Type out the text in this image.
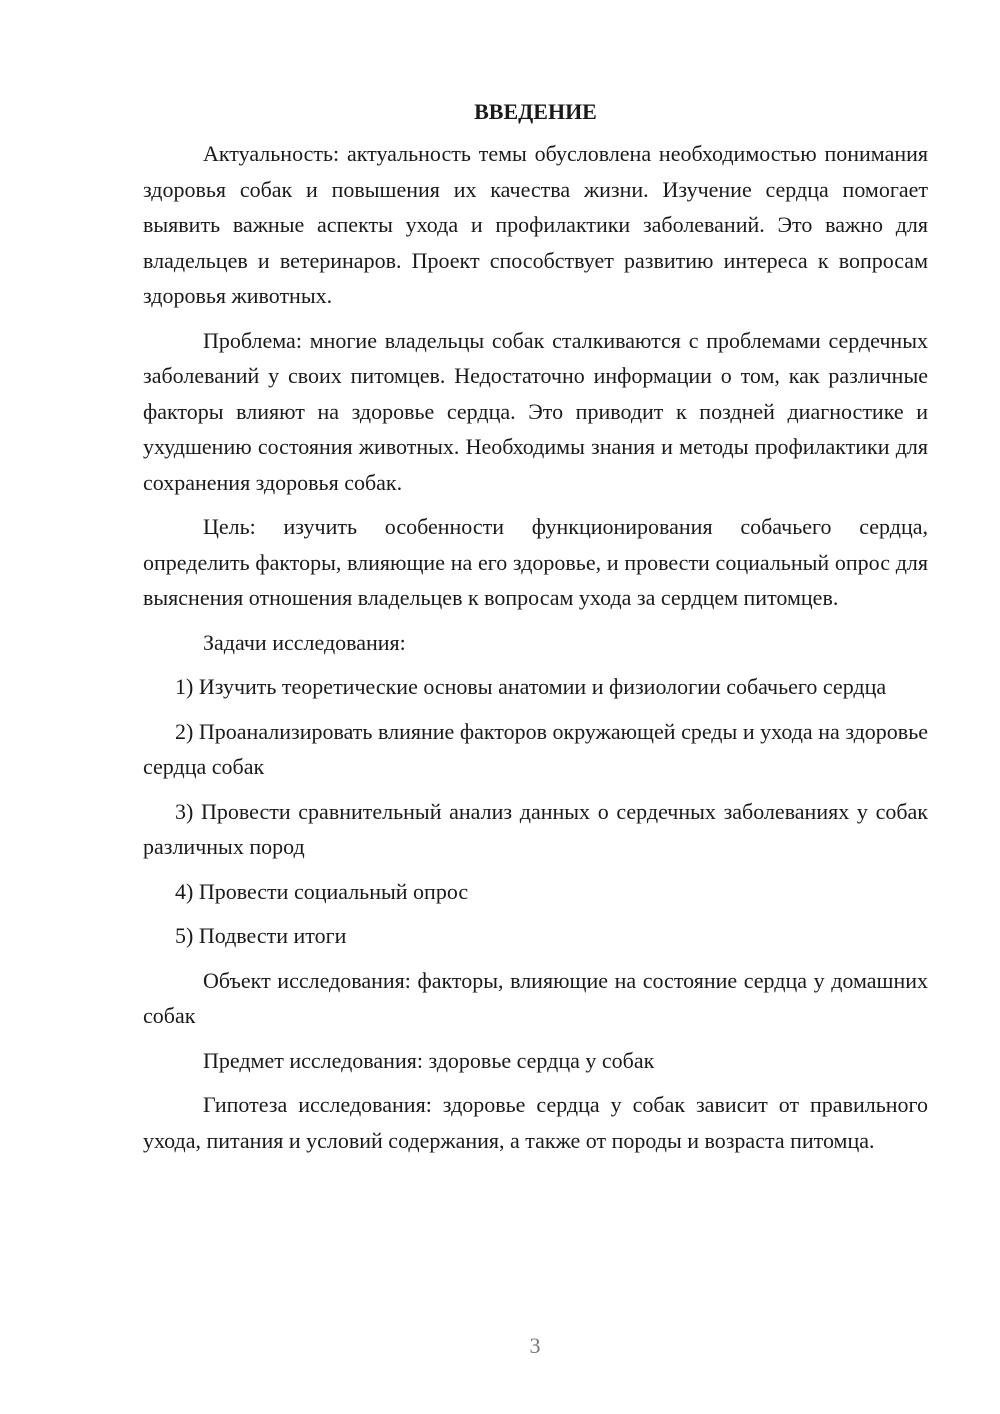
ВВЕДЕНИЕ

Актуальность: актуальность темы обусловлена необходимостью понимания здоровья собак и повышения их качества жизни. Изучение сердца помогает выявить важные аспекты ухода и профилактики заболеваний. Это важно для владельцев и ветеринаров. Проект способствует развитию интереса к вопросам здоровья животных.

Проблема: многие владельцы собак сталкиваются с проблемами сердечных заболеваний у своих питомцев. Недостаточно информации о том, как различные факторы влияют на здоровье сердца. Это приводит к поздней диагностике и ухудшению состояния животных. Необходимы знания и методы профилактики для сохранения здоровья собак.

Цель: изучить особенности функционирования собачьего сердца, определить факторы, влияющие на его здоровье, и провести социальный опрос для выяснения отношения владельцев к вопросам ухода за сердцем питомцев.

Задачи исследования:

1) Изучить теоретические основы анатомии и физиологии собачьего сердца

2) Проанализировать влияние факторов окружающей среды и ухода на здоровье сердца собак

3) Провести сравнительный анализ данных о сердечных заболеваниях у собак различных пород

4) Провести социальный опрос

5) Подвести итоги

Объект исследования: факторы, влияющие на состояние сердца у домашних собак

Предмет исследования: здоровье сердца у собак

Гипотеза исследования: здоровье сердца у собак зависит от правильного ухода, питания и условий содержания, а также от породы и возраста питомца.

3
